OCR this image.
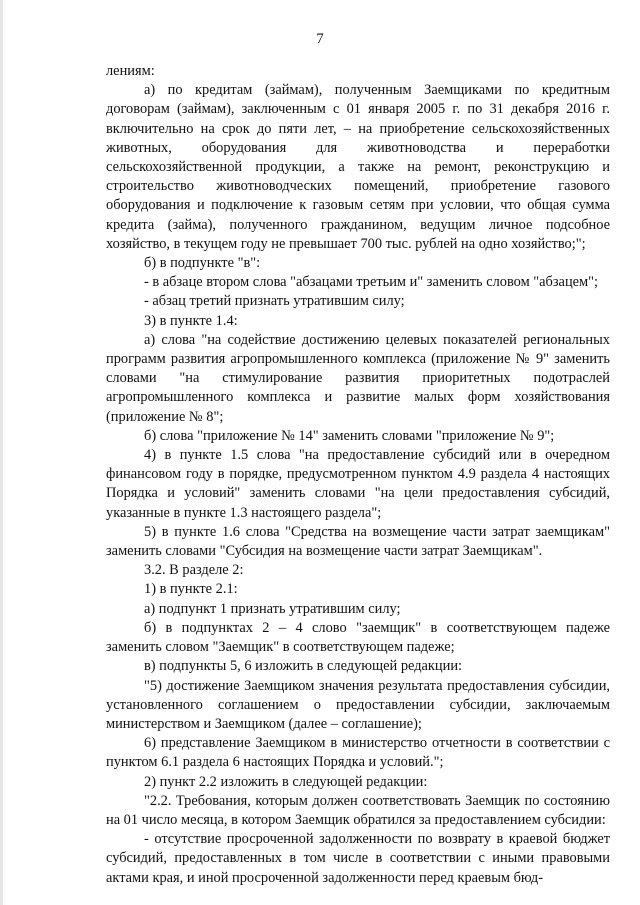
7

лениям:

а) по кредитам (займам), полученным Заемщиками по кредитным договорам (займам), заключенным с 01 января 2005 г. по 31 декабря 2016 г. включительно на срок до пяти лет, – на приобретение сельскохозяйственных животных, оборудования для животноводства и переработки сельскохозяйственной продукции, а также на ремонт, реконструкцию и строительство животноводческих помещений, приобретение газового оборудования и подключение к газовым сетям при условии, что общая сумма кредита (займа), полученного гражданином, ведущим личное подсобное хозяйство, в текущем году не превышает 700 тыс. рублей на одно хозяйство;";

б) в подпункте "в":

- в абзаце втором слова "абзацами третьим и" заменить словом "абзацем";

- абзац третий признать утратившим силу;

3) в пункте 1.4:

а) слова "на содействие достижению целевых показателей региональных программ развития агропромышленного комплекса (приложение № 9" заменить словами "на стимулирование развития приоритетных подотраслей агропромышленного комплекса и развитие малых форм хозяйствования (приложение № 8";

б) слова "приложение № 14" заменить словами "приложение № 9";

4) в пункте 1.5 слова "на предоставление субсидий или в очередном финансовом году в порядке, предусмотренном пунктом 4.9 раздела 4 настоящих Порядка и условий" заменить словами "на цели предоставления субсидий, указанные в пункте 1.3 настоящего раздела";

5) в пункте 1.6 слова "Средства на возмещение части затрат заемщикам" заменить словами "Субсидия на возмещение части затрат Заемщикам".

3.2. В разделе 2:

1) в пункте 2.1:

а) подпункт 1 признать утратившим силу;

б) в подпунктах 2 – 4 слово "заемщик" в соответствующем падеже заменить словом "Заемщик" в соответствующем падеже;

в) подпункты 5, 6 изложить в следующей редакции:

"5) достижение Заемщиком значения результата предоставления субсидии, установленного соглашением о предоставлении субсидии, заключаемым министерством и Заемщиком (далее – соглашение);

6) представление Заемщиком в министерство отчетности в соответствии с пунктом 6.1 раздела 6 настоящих Порядка и условий.";

2) пункт 2.2 изложить в следующей редакции:

"2.2. Требования, которым должен соответствовать Заемщик по состоянию на 01 число месяца, в котором Заемщик обратился за предоставлением субсидии:

- отсутствие просроченной задолженности по возврату в краевой бюджет субсидий, предоставленных в том числе в соответствии с иными правовыми актами края, и иной просроченной задолженности перед краевым бюд-
